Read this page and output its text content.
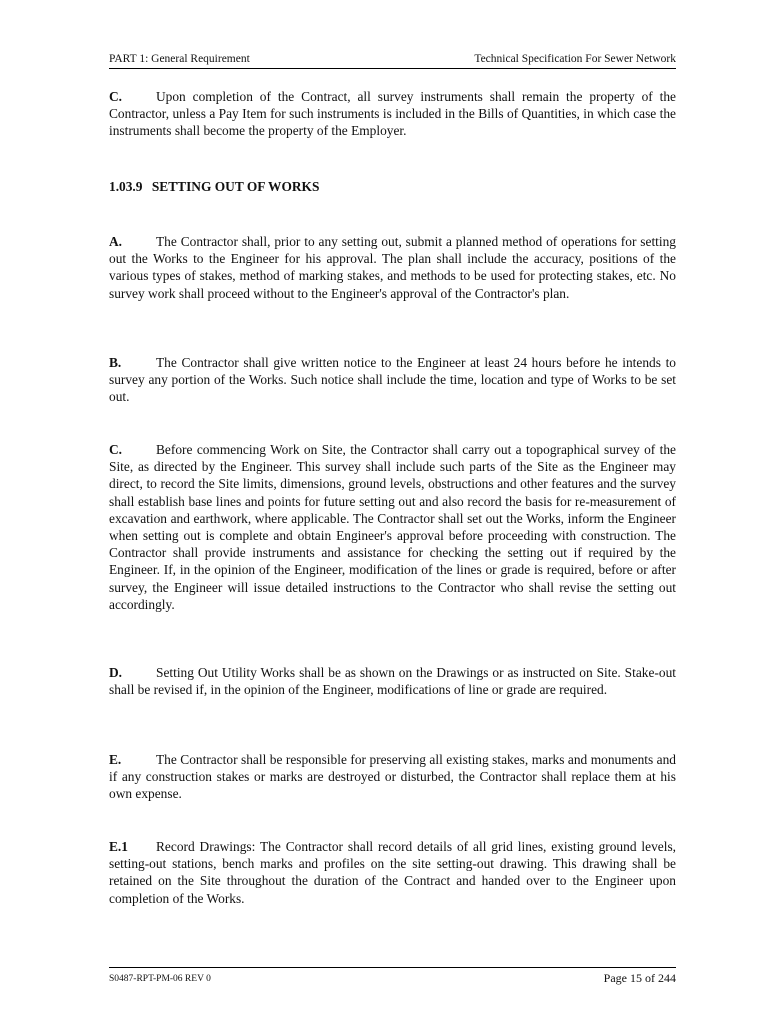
PART 1: General Requirement	Technical Specification For Sewer Network

C.	Upon completion of the Contract, all survey instruments shall remain the property of the Contractor, unless a Pay Item for such instruments is included in the Bills of Quantities, in which case the instruments shall become the property of the Employer.

1.03.9 SETTING OUT OF WORKS

A.	The Contractor shall, prior to any setting out, submit a planned method of operations for setting out the Works to the Engineer for his approval. The plan shall include the accuracy, positions of the various types of stakes, method of marking stakes, and methods to be used for protecting stakes, etc. No survey work shall proceed without to the Engineer's approval of the Contractor's plan.

B.	The Contractor shall give written notice to the Engineer at least 24 hours before he intends to survey any portion of the Works. Such notice shall include the time, location and type of Works to be set out.

C.	Before commencing Work on Site, the Contractor shall carry out a topographical survey of the Site, as directed by the Engineer. This survey shall include such parts of the Site as the Engineer may direct, to record the Site limits, dimensions, ground levels, obstructions and other features and the survey shall establish base lines and points for future setting out and also record the basis for re-measurement of excavation and earthwork, where applicable. The Contractor shall set out the Works, inform the Engineer when setting out is complete and obtain Engineer's approval before proceeding with construction. The Contractor shall provide instruments and assistance for checking the setting out if required by the Engineer. If, in the opinion of the Engineer, modification of the lines or grade is required, before or after survey, the Engineer will issue detailed instructions to the Contractor who shall revise the setting out accordingly.

D.	Setting Out Utility Works shall be as shown on the Drawings or as instructed on Site. Stake-out shall be revised if, in the opinion of the Engineer, modifications of line or grade are required.

E.	The Contractor shall be responsible for preserving all existing stakes, marks and monuments and if any construction stakes or marks are destroyed or disturbed, the Contractor shall replace them at his own expense.

E.1 Record Drawings: The Contractor shall record details of all grid lines, existing ground levels, setting-out stations, bench marks and profiles on the site setting-out drawing. This drawing shall be retained on the Site throughout the duration of the Contract and handed over to the Engineer upon completion of the Works.

S0487-RPT-PM-06 REV 0	Page 15 of 244
